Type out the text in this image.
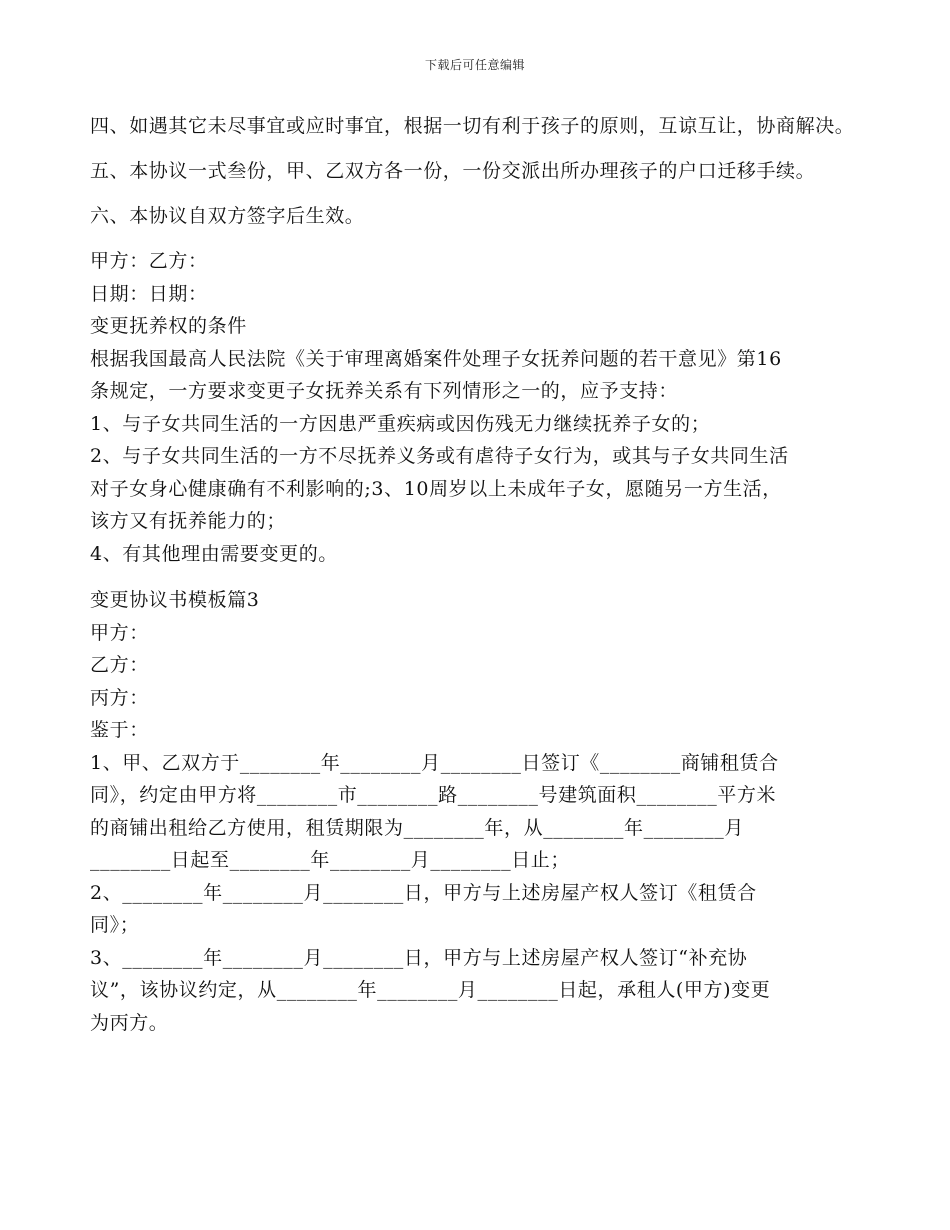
下载后可任意编辑

四、如遇其它未尽事宜或应时事宜，根据一切有利于孩子的原则，互谅互让，协商解决。

五、本协议一式叁份，甲、乙双方各一份，一份交派出所办理孩子的户口迁移手续。

六、本协议自双方签字后生效。

甲方：乙方：

日期：日期：

变更抚养权的条件

根据我国最高人民法院《关于审理离婚案件处理子女抚养问题的若干意见》第16

条规定，一方要求变更子女抚养关系有下列情形之一的，应予支持：

1、与子女共同生活的一方因患严重疾病或因伤残无力继续抚养子女的；

2、与子女共同生活的一方不尽抚养义务或有虐待子女行为，或其与子女共同生活

对子女身心健康确有不利影响的;3、10周岁以上未成年子女，愿随另一方生活，

该方又有抚养能力的；

4、有其他理由需要变更的。

变更协议书模板篇3

甲方：

乙方：

丙方：

鉴于：

1、甲、乙双方于________年________月________日签订《________商铺租赁合

同》，约定由甲方将________市________路________号建筑面积________平方米

的商铺出租给乙方使用，租赁期限为________年，从________年________月

________日起至________年________月________日止；

2、________年________月________日，甲方与上述房屋产权人签订《租赁合

同》；

3、________年________月________日，甲方与上述房屋产权人签订“补充协

议”，该协议约定，从________年________月________日起，承租人(甲方)变更

为丙方。
